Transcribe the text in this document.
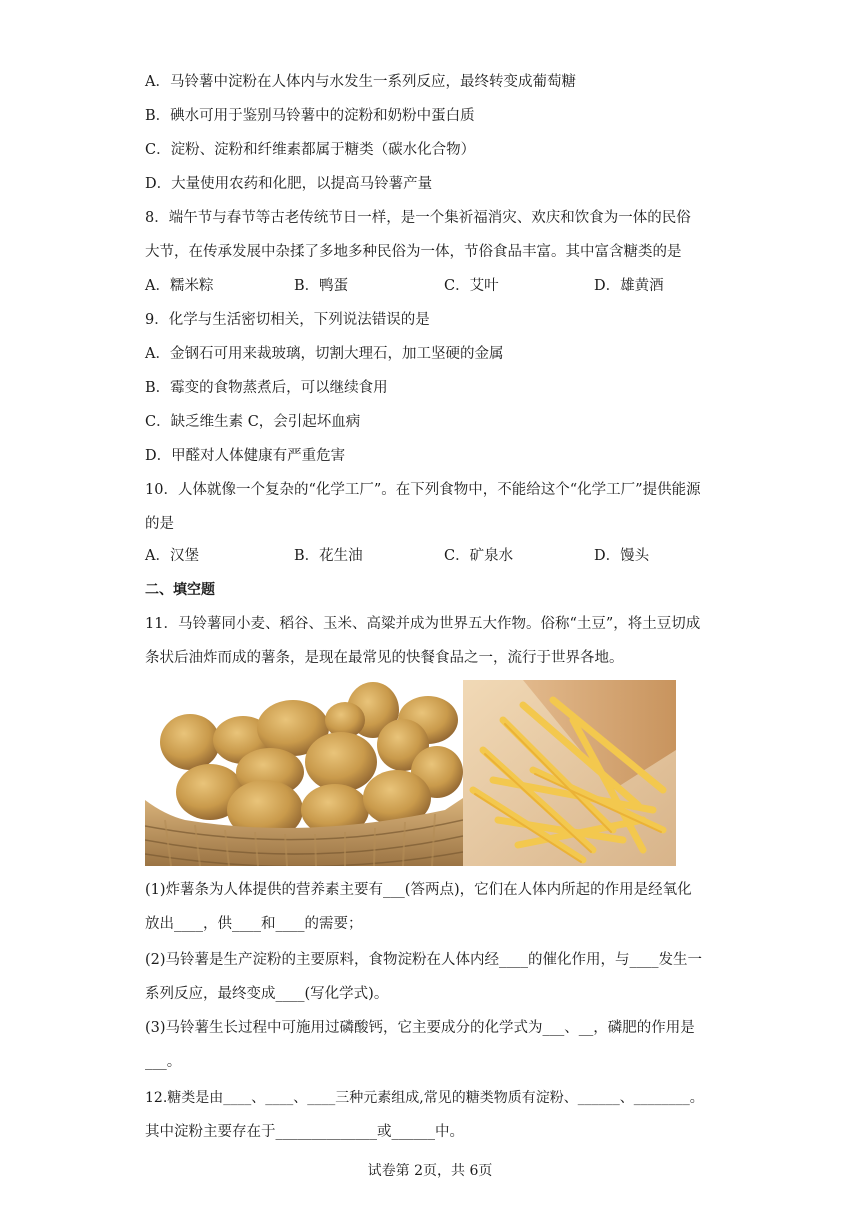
A．马铃薯中淀粉在人体内与水发生一系列反应，最终转变成葡萄糖
B．碘水可用于鉴别马铃薯中的淀粉和奶粉中蛋白质
C．淀粉、淀粉和纤维素都属于糖类（碳水化合物）
D．大量使用农药和化肥，以提高马铃薯产量
8．端午节与春节等古老传统节日一样，是一个集祈福消灾、欢庆和饮食为一体的民俗
大节，在传承发展中杂揉了多地多种民俗为一体，节俗食品丰富。其中富含糖类的是
A．糯米粽	B．鸭蛋	C．艾叶	D．雄黄酒
9．化学与生活密切相关，下列说法错误的是
A．金钢石可用来裁玻璃，切割大理石，加工坚硬的金属
B．霉变的食物蒸煮后，可以继续食用
C．缺乏维生素 C，会引起坏血病
D．甲醛对人体健康有严重危害
10．人体就像一个复杂的“化学工厂”。在下列食物中，不能给这个“化学工厂”提供能源
的是
A．汉堡	B．花生油	C．矿泉水	D．馒头
二、填空题
11．马铃薯同小麦、稻谷、玉米、高粱并成为世界五大作物。俗称“土豆”，将土豆切成
条状后油炸而成的薯条，是现在最常见的快餐食品之一，流行于世界各地。
(1)炸薯条为人体提供的营养素主要有___(答两点)，它们在人体内所起的作用是经氧化
放出____，供____和____的需要；
(2)马铃薯是生产淀粉的主要原料，食物淀粉在人体内经____的催化作用，与____发生一
系列反应，最终变成____(写化学式)。
(3)马铃薯生长过程中可施用过磷酸钙，它主要成分的化学式为___、__，磷肥的作用是
___。
12.糖类是由____、____、____三种元素组成,常见的糖类物质有淀粉、______、________。
其中淀粉主要存在于______________或______中。
试卷第 2页，共 6页
